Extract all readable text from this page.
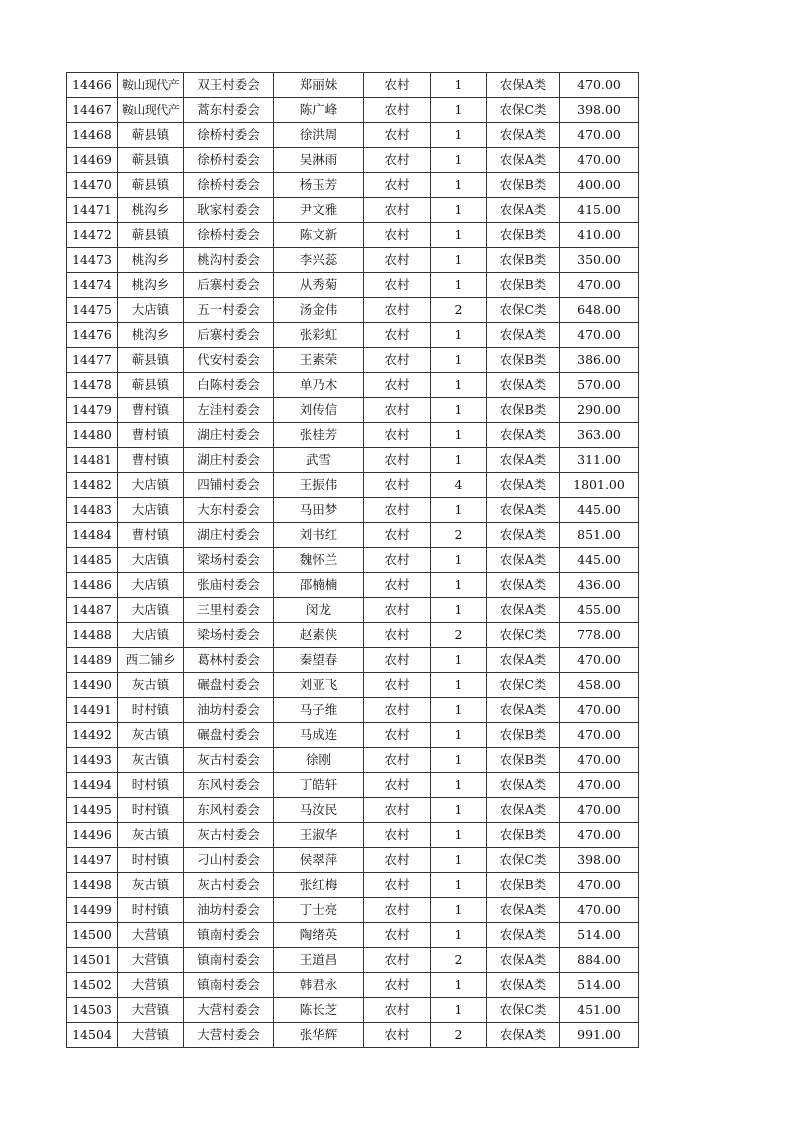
14466	鞍山现代产	双王村委会	郑丽妹	农村	1	农保A类	470.00
14467	鞍山现代产	蒿东村委会	陈广峰	农村	1	农保C类	398.00
14468	蕲县镇	徐桥村委会	徐洪周	农村	1	农保A类	470.00
14469	蕲县镇	徐桥村委会	吴淋雨	农村	1	农保A类	470.00
14470	蕲县镇	徐桥村委会	杨玉芳	农村	1	农保B类	400.00
14471	桃沟乡	耿家村委会	尹文雅	农村	1	农保A类	415.00
14472	蕲县镇	徐桥村委会	陈文新	农村	1	农保B类	410.00
14473	桃沟乡	桃沟村委会	李兴蕊	农村	1	农保B类	350.00
14474	桃沟乡	后寨村委会	从秀菊	农村	1	农保B类	470.00
14475	大店镇	五一村委会	汤金伟	农村	2	农保C类	648.00
14476	桃沟乡	后寨村委会	张彩虹	农村	1	农保A类	470.00
14477	蕲县镇	代安村委会	王素荣	农村	1	农保B类	386.00
14478	蕲县镇	白陈村委会	单乃木	农村	1	农保A类	570.00
14479	曹村镇	左洼村委会	刘传信	农村	1	农保B类	290.00
14480	曹村镇	湖庄村委会	张桂芳	农村	1	农保A类	363.00
14481	曹村镇	湖庄村委会	武雪	农村	1	农保A类	311.00
14482	大店镇	四铺村委会	王振伟	农村	4	农保A类	1801.00
14483	大店镇	大东村委会	马田梦	农村	1	农保A类	445.00
14484	曹村镇	湖庄村委会	刘书红	农村	2	农保A类	851.00
14485	大店镇	梁场村委会	魏怀兰	农村	1	农保A类	445.00
14486	大店镇	张庙村委会	邵楠楠	农村	1	农保A类	436.00
14487	大店镇	三里村委会	闵龙	农村	1	农保A类	455.00
14488	大店镇	梁场村委会	赵素侠	农村	2	农保C类	778.00
14489	西二铺乡	葛林村委会	秦望春	农村	1	农保A类	470.00
14490	灰古镇	碾盘村委会	刘亚飞	农村	1	农保C类	458.00
14491	时村镇	油坊村委会	马子维	农村	1	农保A类	470.00
14492	灰古镇	碾盘村委会	马成连	农村	1	农保B类	470.00
14493	灰古镇	灰古村委会	徐刚	农村	1	农保B类	470.00
14494	时村镇	东风村委会	丁皓轩	农村	1	农保A类	470.00
14495	时村镇	东风村委会	马汝民	农村	1	农保A类	470.00
14496	灰古镇	灰古村委会	王淑华	农村	1	农保B类	470.00
14497	时村镇	刁山村委会	侯翠萍	农村	1	农保C类	398.00
14498	灰古镇	灰古村委会	张红梅	农村	1	农保B类	470.00
14499	时村镇	油坊村委会	丁士亮	农村	1	农保A类	470.00
14500	大营镇	镇南村委会	陶绪英	农村	1	农保A类	514.00
14501	大营镇	镇南村委会	王道昌	农村	2	农保A类	884.00
14502	大营镇	镇南村委会	韩君永	农村	1	农保A类	514.00
14503	大营镇	大营村委会	陈长芝	农村	1	农保C类	451.00
14504	大营镇	大营村委会	张华辉	农村	2	农保A类	991.00
